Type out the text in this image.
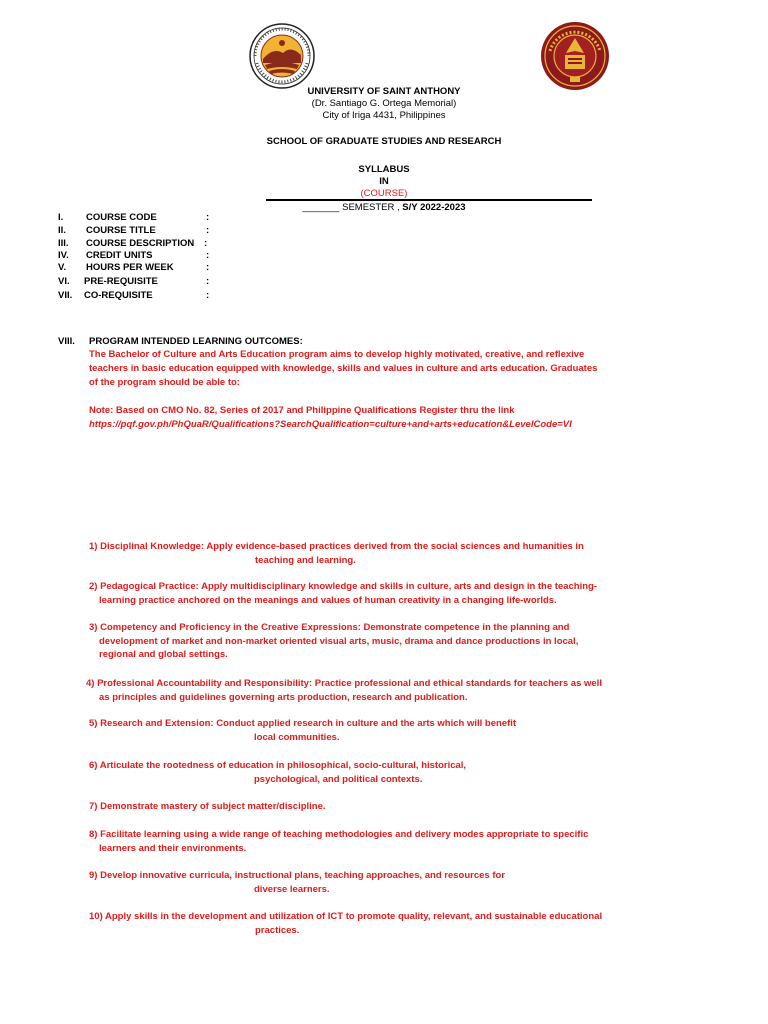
UNIVERSITY OF SAINT ANTHONY
(Dr. Santiago G. Ortega Memorial)
City of Iriga 4431, Philippines
SCHOOL OF GRADUATE STUDIES AND RESEARCH
SYLLABUS
IN
(COURSE)
_______ SEMESTER , S/Y 2022-2023
I.	COURSE CODE	:
II.	COURSE TITLE	:
III.	COURSE DESCRIPTION :
IV.	CREDIT UNITS	:
V.	HOURS PER WEEK	:
VI.	PRE-REQUISITE	:
VII.	CO-REQUISITE	:
VIII.	PROGRAM INTENDED LEARNING OUTCOMES:
The Bachelor of Culture and Arts Education program aims to develop highly motivated, creative, and reflexive
teachers in basic education equipped with knowledge, skills and values in culture and arts education. Graduates
of the program should be able to:
Note: Based on CMO No. 82, Series of 2017 and Philippine Qualifications Register thru the link
https://pqf.gov.ph/PhQuaR/Qualifications?SearchQualification=culture+and+arts+education&LevelCode=VI
1) Disciplinal Knowledge: Apply evidence-based practices derived from the social sciences and humanities in
teaching and learning.
2) Pedagogical Practice: Apply multidisciplinary knowledge and skills in culture, arts and design in the teaching-
learning practice anchored on the meanings and values of human creativity in a changing life-worlds.
3) Competency and Proficiency in the Creative Expressions: Demonstrate competence in the planning and
development of market and non-market oriented visual arts, music, drama and dance productions in local,
regional and global settings.
4) Professional Accountability and Responsibility: Practice professional and ethical standards for teachers as well
as principles and guidelines governing arts production, research and publication.
5) Research and Extension: Conduct applied research in culture and the arts which will benefit
local communities.
6) Articulate the rootedness of education in philosophical, socio-cultural, historical,
psychological, and political contexts.
7) Demonstrate mastery of subject matter/discipline.
8) Facilitate learning using a wide range of teaching methodologies and delivery modes appropriate to specific
learners and their environments.
9) Develop innovative curricula, instructional plans, teaching approaches, and resources for
diverse learners.
10) Apply skills in the development and utilization of ICT to promote quality, relevant, and sustainable educational
practices.
